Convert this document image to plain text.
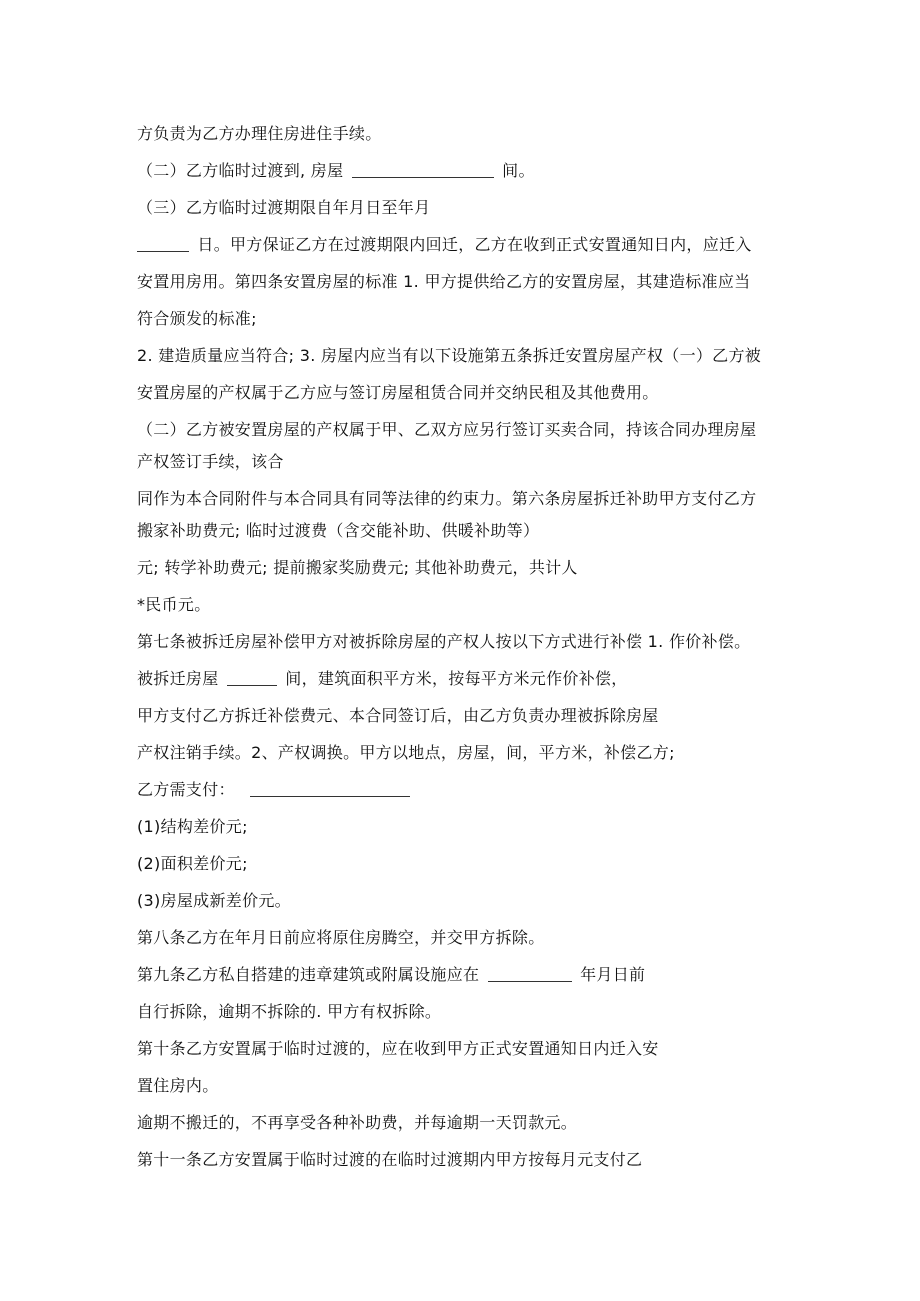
方负责为乙方办理住房进住手续。
（二）乙方临时过渡到, 房屋	间。
（三）乙方临时过渡期限自年月日至年月
日。甲方保证乙方在过渡期限内回迁，乙方在收到正式安置通知日内，应迁入
安置用房用。第四条安置房屋的标准 1. 甲方提供给乙方的安置房屋，其建造标准应当
符合颁发的标准;
2. 建造质量应当符合; 3. 房屋内应当有以下设施第五条拆迁安置房屋产权（一）乙方被
安置房屋的产权属于乙方应与签订房屋租赁合同并交纳民租及其他费用。
（二）乙方被安置房屋的产权属于甲、乙双方应另行签订买卖合同，持该合同办理房屋
产权签订手续，该合
同作为本合同附件与本合同具有同等法律的约束力。第六条房屋拆迁补助甲方支付乙方
搬家补助费元; 临时过渡费（含交能补助、供暖补助等）
元; 转学补助费元; 提前搬家奖励费元; 其他补助费元，共计人
*民币元。
第七条被拆迁房屋补偿甲方对被拆除房屋的产权人按以下方式进行补偿 1. 作价补偿。
被拆迁房屋	间，建筑面积平方米，按每平方米元作价补偿，
甲方支付乙方拆迁补偿费元、本合同签订后，由乙方负责办理被拆除房屋
产权注销手续。2、产权调换。甲方以地点，房屋，间，平方米，补偿乙方;
乙方需支付：
(1)结构差价元;
(2)面积差价元;
(3)房屋成新差价元。
第八条乙方在年月日前应将原住房腾空，并交甲方拆除。
第九条乙方私自搭建的违章建筑或附属设施应在	年月日前
自行拆除，逾期不拆除的. 甲方有权拆除。
第十条乙方安置属于临时过渡的，应在收到甲方正式安置通知日内迁入安
置住房内。
逾期不搬迁的，不再享受各种补助费，并每逾期一天罚款元。
第十一条乙方安置属于临时过渡的在临时过渡期内甲方按每月元支付乙
